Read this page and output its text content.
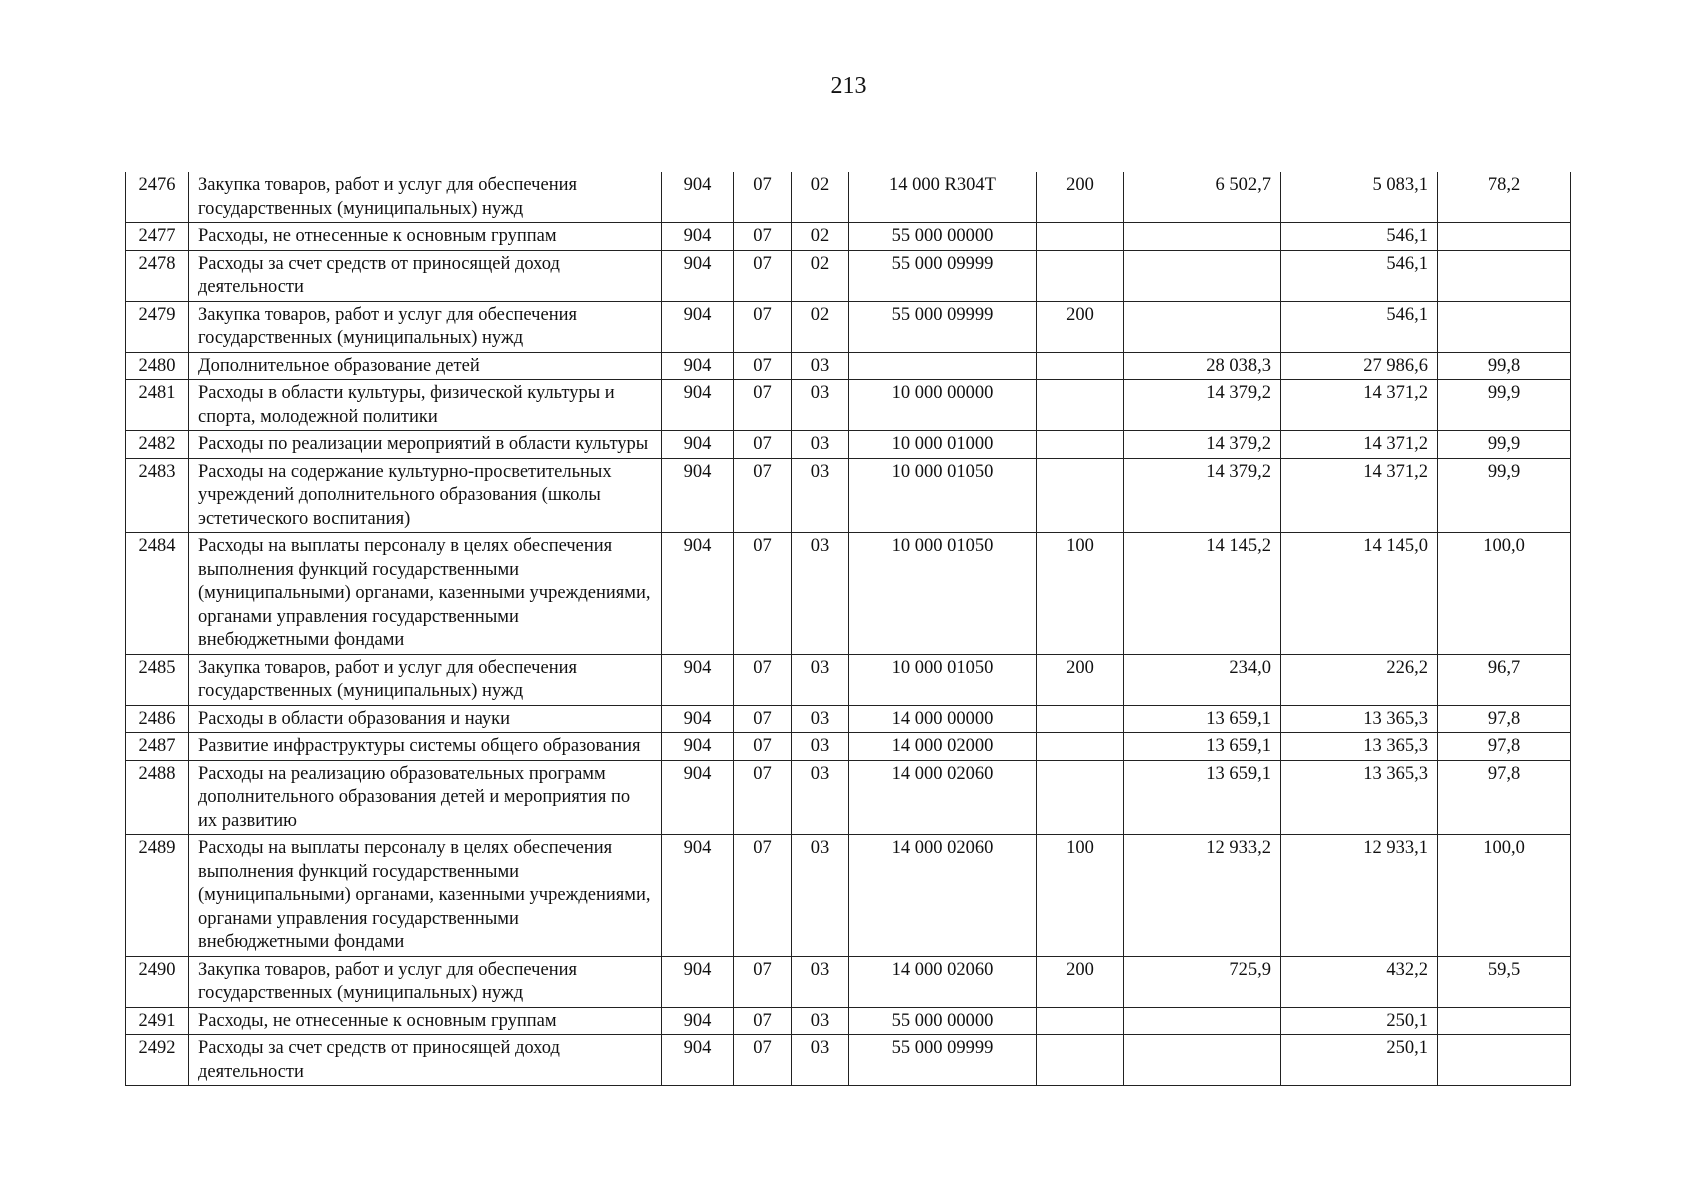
213
2476	Закупка товаров, работ и услуг для обеспечения государственных (муниципальных) нужд	904	07	02	14 000 R304T	200	6 502,7	5 083,1	78,2
2477	Расходы, не отнесенные к основным группам	904	07	02	55 000 00000			546,1	
2478	Расходы за счет средств от приносящей доход деятельности	904	07	02	55 000 09999			546,1	
2479	Закупка товаров, работ и услуг для обеспечения государственных (муниципальных) нужд	904	07	02	55 000 09999	200		546,1	
2480	Дополнительное образование детей	904	07	03			28 038,3	27 986,6	99,8
2481	Расходы в области культуры, физической культуры и спорта, молодежной политики	904	07	03	10 000 00000		14 379,2	14 371,2	99,9
2482	Расходы по реализации мероприятий в области культуры	904	07	03	10 000 01000		14 379,2	14 371,2	99,9
2483	Расходы на содержание культурно-просветительных учреждений дополнительного образования (школы эстетического воспитания)	904	07	03	10 000 01050		14 379,2	14 371,2	99,9
2484	Расходы на выплаты персоналу в целях обеспечения выполнения функций государственными (муниципальными) органами, казенными учреждениями, органами управления государственными внебюджетными фондами	904	07	03	10 000 01050	100	14 145,2	14 145,0	100,0
2485	Закупка товаров, работ и услуг для обеспечения государственных (муниципальных) нужд	904	07	03	10 000 01050	200	234,0	226,2	96,7
2486	Расходы в области образования и науки	904	07	03	14 000 00000		13 659,1	13 365,3	97,8
2487	Развитие инфраструктуры системы общего образования	904	07	03	14 000 02000		13 659,1	13 365,3	97,8
2488	Расходы на реализацию образовательных программ дополнительного образования детей и мероприятия по их развитию	904	07	03	14 000 02060		13 659,1	13 365,3	97,8
2489	Расходы на выплаты персоналу в целях обеспечения выполнения функций государственными (муниципальными) органами, казенными учреждениями, органами управления государственными внебюджетными фондами	904	07	03	14 000 02060	100	12 933,2	12 933,1	100,0
2490	Закупка товаров, работ и услуг для обеспечения государственных (муниципальных) нужд	904	07	03	14 000 02060	200	725,9	432,2	59,5
2491	Расходы, не отнесенные к основным группам	904	07	03	55 000 00000			250,1	
2492	Расходы за счет средств от приносящей доход деятельности	904	07	03	55 000 09999			250,1	
